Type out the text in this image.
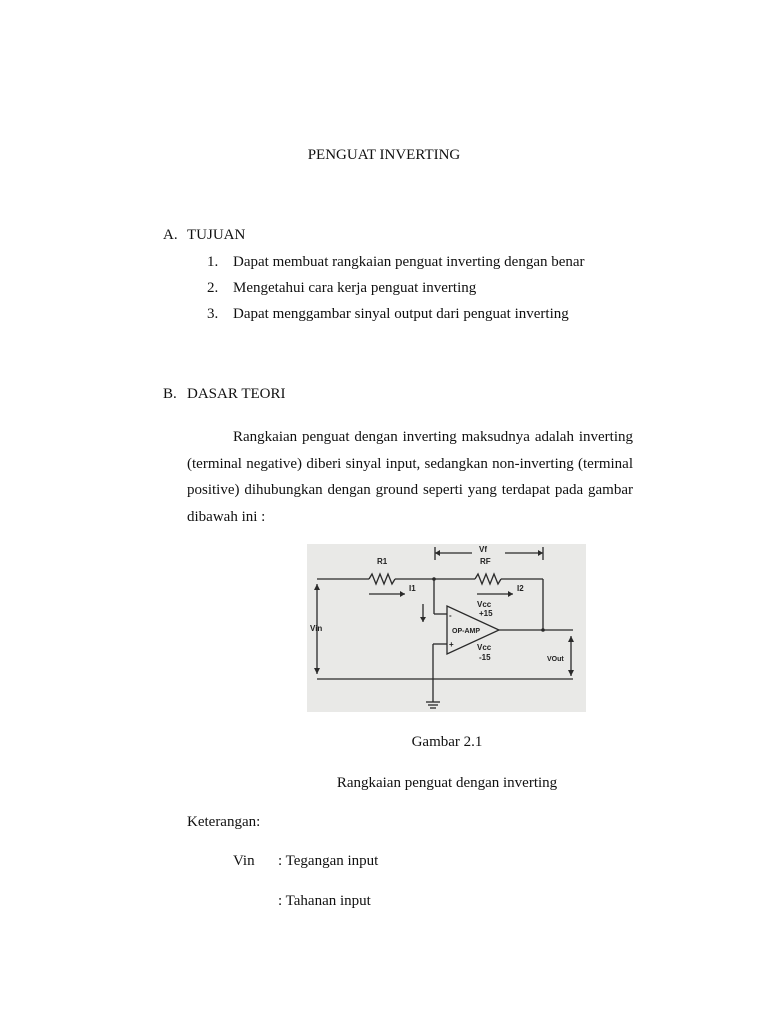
PENGUAT INVERTING
A. TUJUAN
1. Dapat membuat rangkaian penguat inverting dengan benar
2. Mengetahui cara kerja penguat inverting
3. Dapat menggambar sinyal output dari penguat inverting
B. DASAR TEORI
Rangkaian penguat dengan inverting maksudnya adalah inverting
(terminal negative) diberi sinyal input, sedangkan non-inverting (terminal
positive) dihubungkan dengan ground seperti yang terdapat pada gambar
dibawah ini :
Vf
RF
R1
I1	I2
Vcc
+15
OP-AMP
Vcc
-15
Vin
VOut
-
+
Gambar 2.1
Rangkaian penguat dengan inverting
Keterangan:
Vin : Tegangan input
: Tahanan input
